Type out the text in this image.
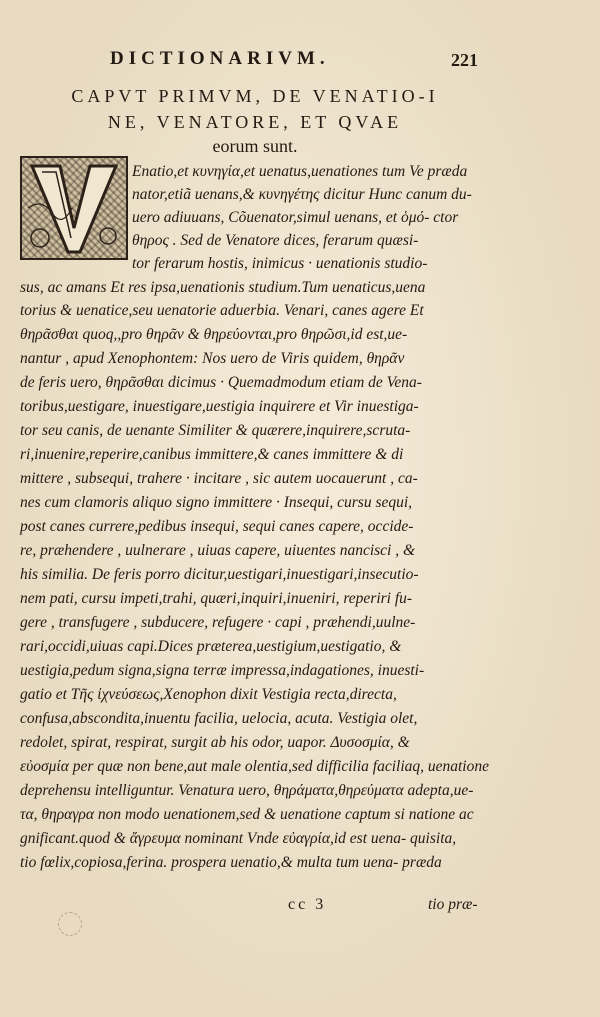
DICTIONARIVM.	221
CAPVT PRIMVM, DE VENATIO-I
NE, VENATORE, ET QVAE
eorum sunt.
Enatio,et κυνηγία,et uenatus,uenationes tum Ve præda
nator,etiã uenans,& κυνηγέτης dicitur Hunc canum du-
uero adiuuans, Cõuenator,simul uenans, et ὁμό- ctor
θηρος . Sed de Venatore dices, ferarum quæsi-
tor ferarum hostis, inimicus · uenationis studio-
sus, ac amans Et res ipsa,uenationis studium.Tum uenaticus,uena
torius & uenatice,seu uenatorie aduerbia. Venari, canes agere Et
θηρᾶσθαι quoq,,pro θηρᾶν & θηρεύονται,pro θηρῶσι,id est,ue-
nantur , apud Xenophontem: Nos uero de Viris quidem, θηρᾶν
de feris uero, θηρᾶσθαι dicimus · Quemadmodum etiam de Vena-
toribus,uestigare, inuestigare,uestigia inquirere et Vir inuestiga-
tor seu canis, de uenante Similiter & quærere,inquirere,scruta-
ri,inuenire,reperire,canibus immittere,& canes immittere & di
mittere , subsequi, trahere · incitare , sic autem uocauerunt , ca-
nes cum clamoris aliquo signo immittere · Insequi, cursu sequi,
post canes currere,pedibus insequi, sequi canes capere, occide-
re, præhendere , uulnerare , uiuas capere, uiuentes nancisci , &
his similia. De feris porro dicitur,uestigari,inuestigari,insecutio-
nem pati, cursu impeti,trahi, quæri,inquiri,inueniri, reperiri fu-
gere , transfugere , subducere, refugere · capi , præhendi,uulne-
rari,occidi,uiuas capi.Dices præterea,uestigium,uestigatio, &
uestigia,pedum signa,signa terræ impressa,indagationes, inuesti-
gatio et Τῆς ἰχνεύσεως,Xenophon dixit Vestigia recta,directa,
confusa,abscondita,inuentu facilia, uelocia, acuta. Vestigia olet,
redolet, spirat, respirat, surgit ab his odor, uapor. Δυσοσμία, &
εὐοσμία per quæ non bene,aut male olentia,sed difficilia faciliaq, uenatione
deprehensu intelliguntur. Venatura uero, θηράματα,θηρεύματα adepta,ue-
τα, θηραγρα non modo uenationem,sed & uenatione captum si natione ac
gnificant.quod & ἄγρευμα nominant Vnde εὐαγρία,id est uena- quisita,
tio fœlix,copiosa,ferina. prospera uenatio,& multa tum uena- præda
tio præ-
cc 3
